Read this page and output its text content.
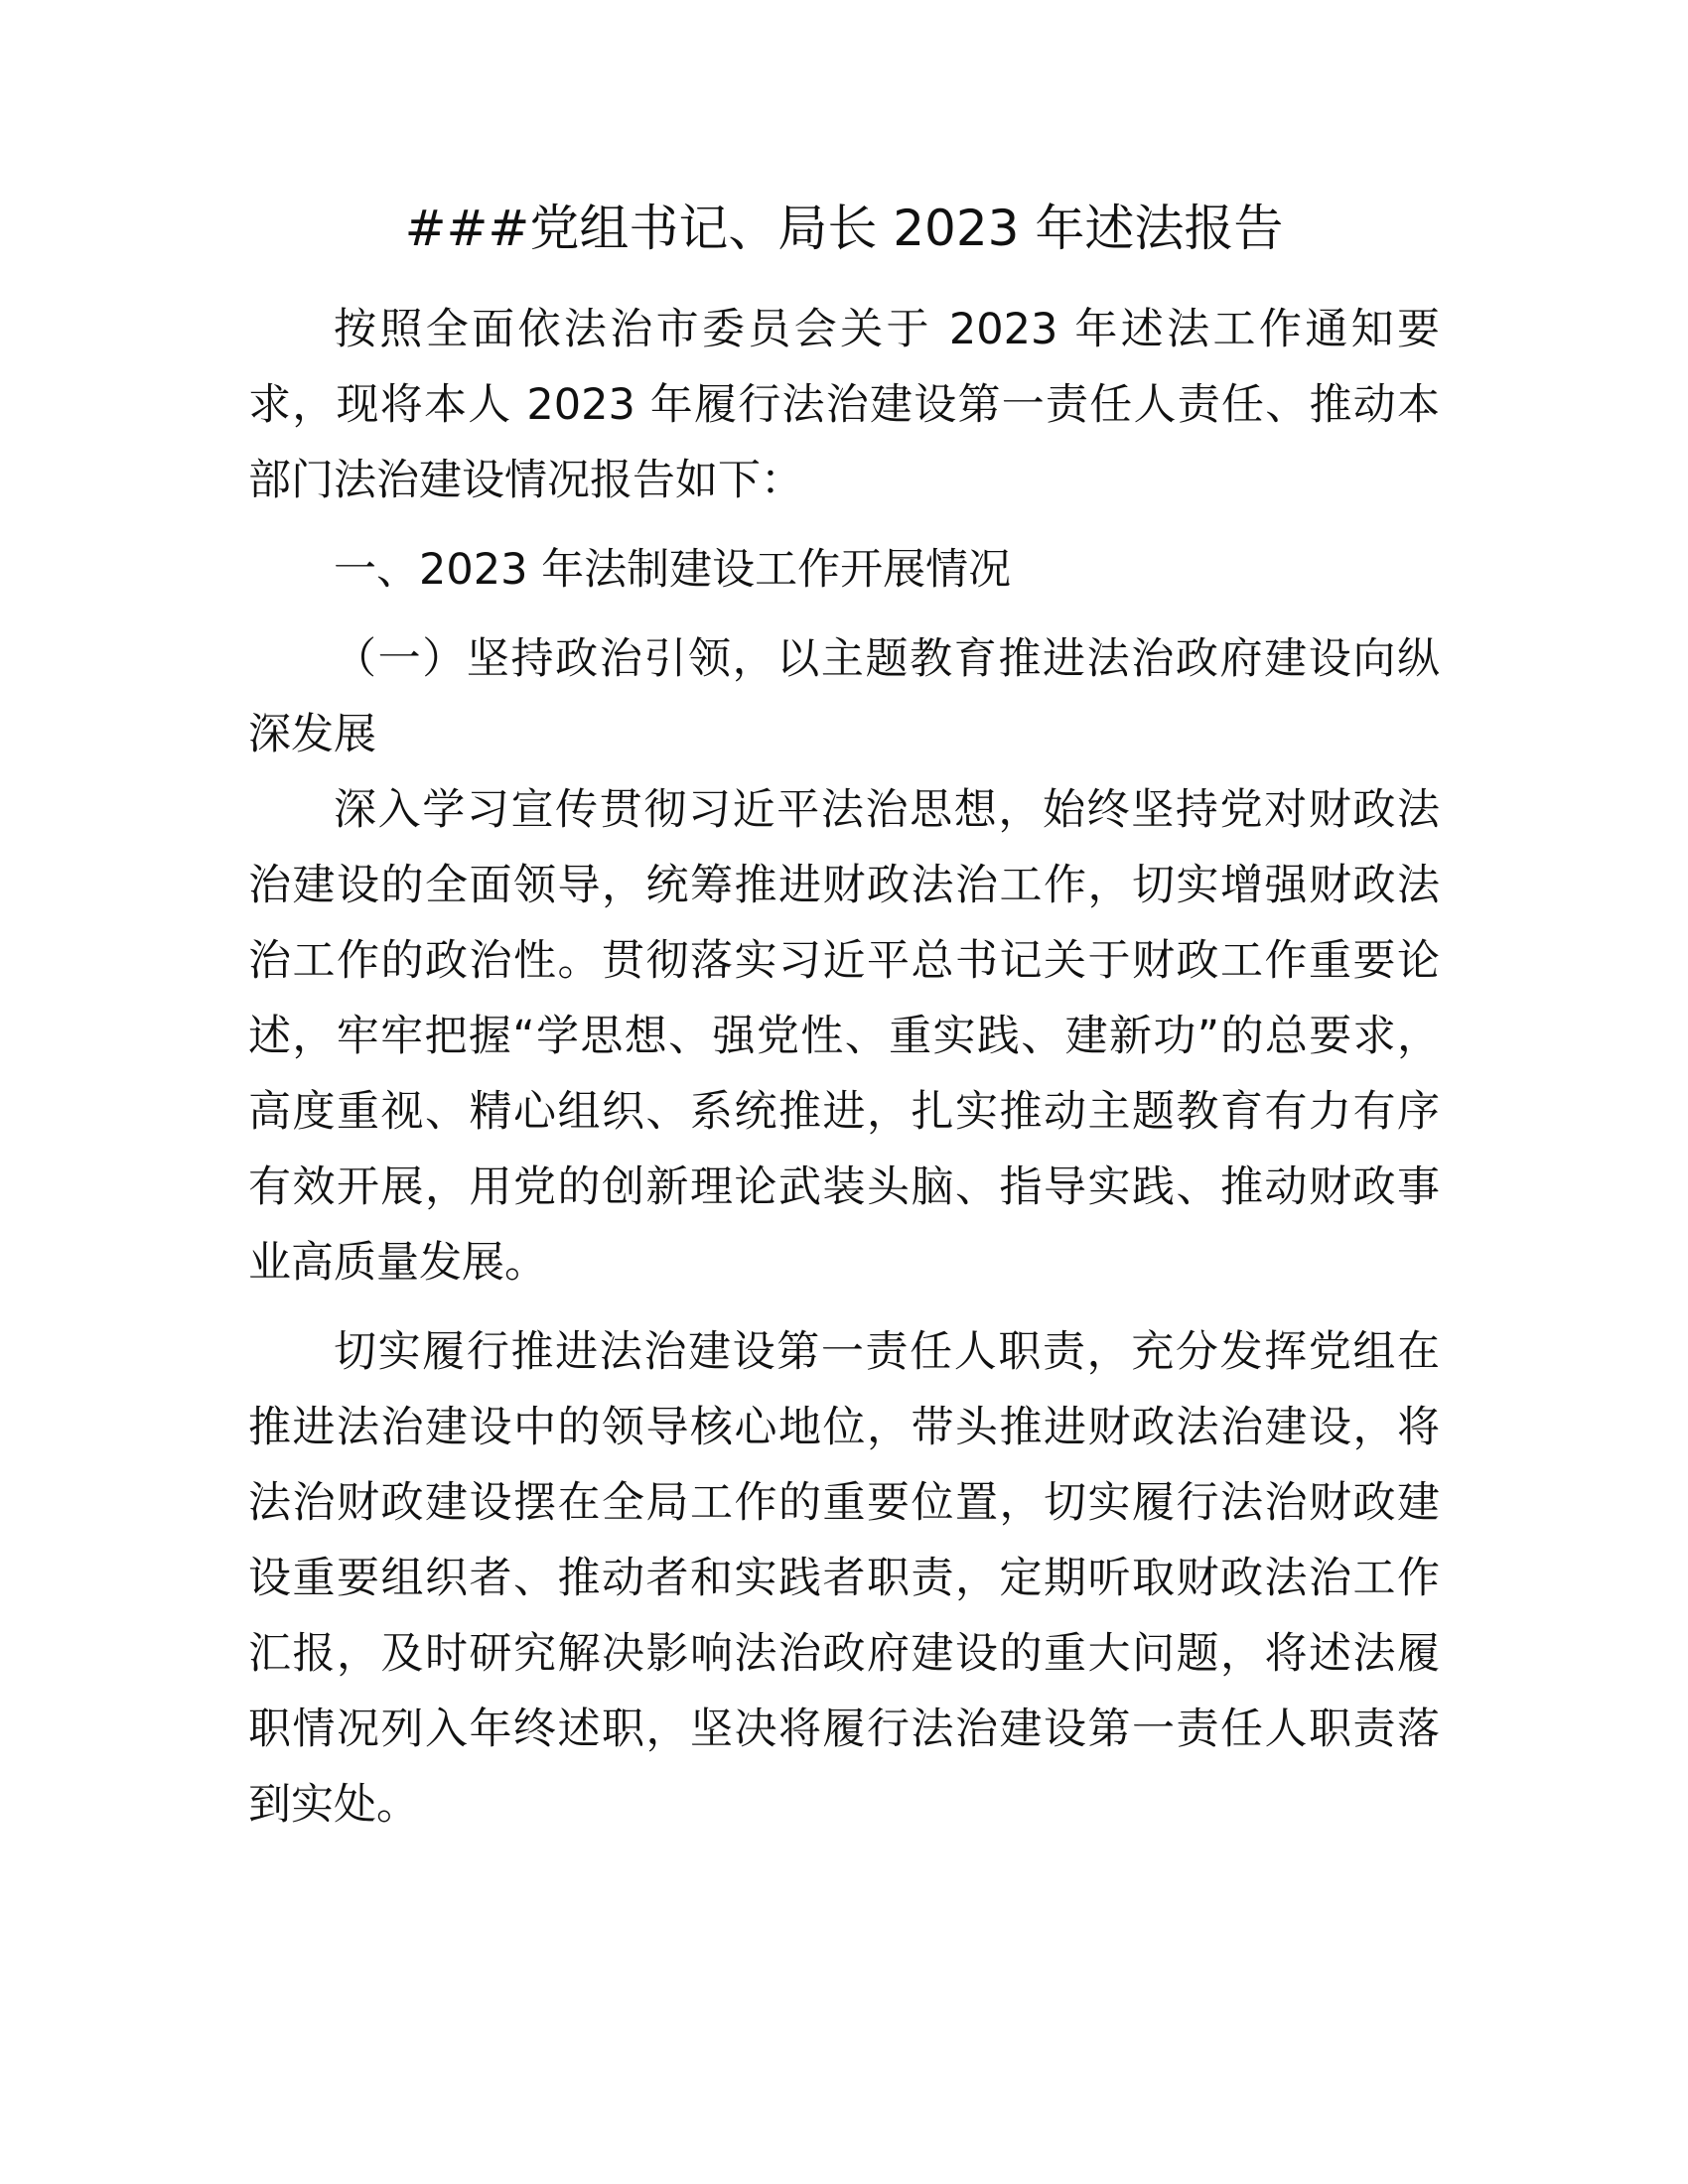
###党组书记、局长 2023 年述法报告

按照全面依法治市委员会关于 2023 年述法工作通知要求，现将本人 2023 年履行法治建设第一责任人责任、推动本部门法治建设情况报告如下：

一、2023 年法制建设工作开展情况

（一）坚持政治引领，以主题教育推进法治政府建设向纵深发展

深入学习宣传贯彻习近平法治思想，始终坚持党对财政法治建设的全面领导，统筹推进财政法治工作，切实增强财政法治工作的政治性。贯彻落实习近平总书记关于财政工作重要论述，牢牢把握“学思想、强党性、重实践、建新功”的总要求，高度重视、精心组织、系统推进，扎实推动主题教育有力有序有效开展，用党的创新理论武装头脑、指导实践、推动财政事业高质量发展。

切实履行推进法治建设第一责任人职责，充分发挥党组在推进法治建设中的领导核心地位，带头推进财政法治建设，将法治财政建设摆在全局工作的重要位置，切实履行法治财政建设重要组织者、推动者和实践者职责，定期听取财政法治工作汇报，及时研究解决影响法治政府建设的重大问题，将述法履职情况列入年终述职，坚决将履行法治建设第一责任人职责落到实处。
